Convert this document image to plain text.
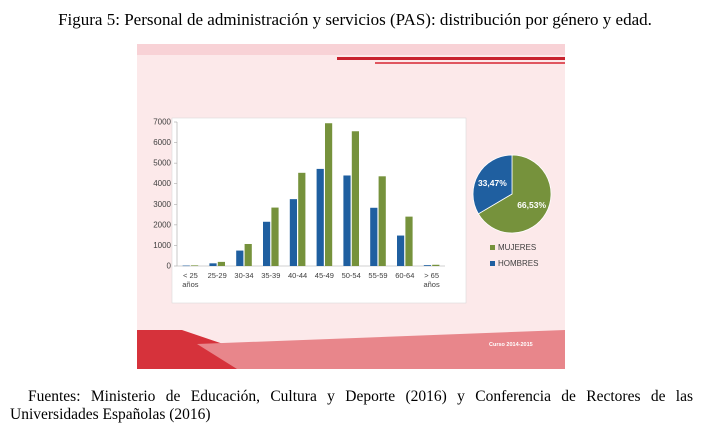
Figura 5: Personal de administración y servicios (PAS): distribución por género y edad.
Curso 2014-2015
0
1000
2000
3000
4000
5000
6000
7000
< 25 años
25-29 30-34 35-39 40-44 45-49 50-54 55-59 60-64 > 65 años
66,53%
33,47%
MUJERES
HOMBRES
Fuentes: Ministerio de Educación, Cultura y Deporte (2016) y Conferencia de Rectores de las Universidades Españolas (2016)
